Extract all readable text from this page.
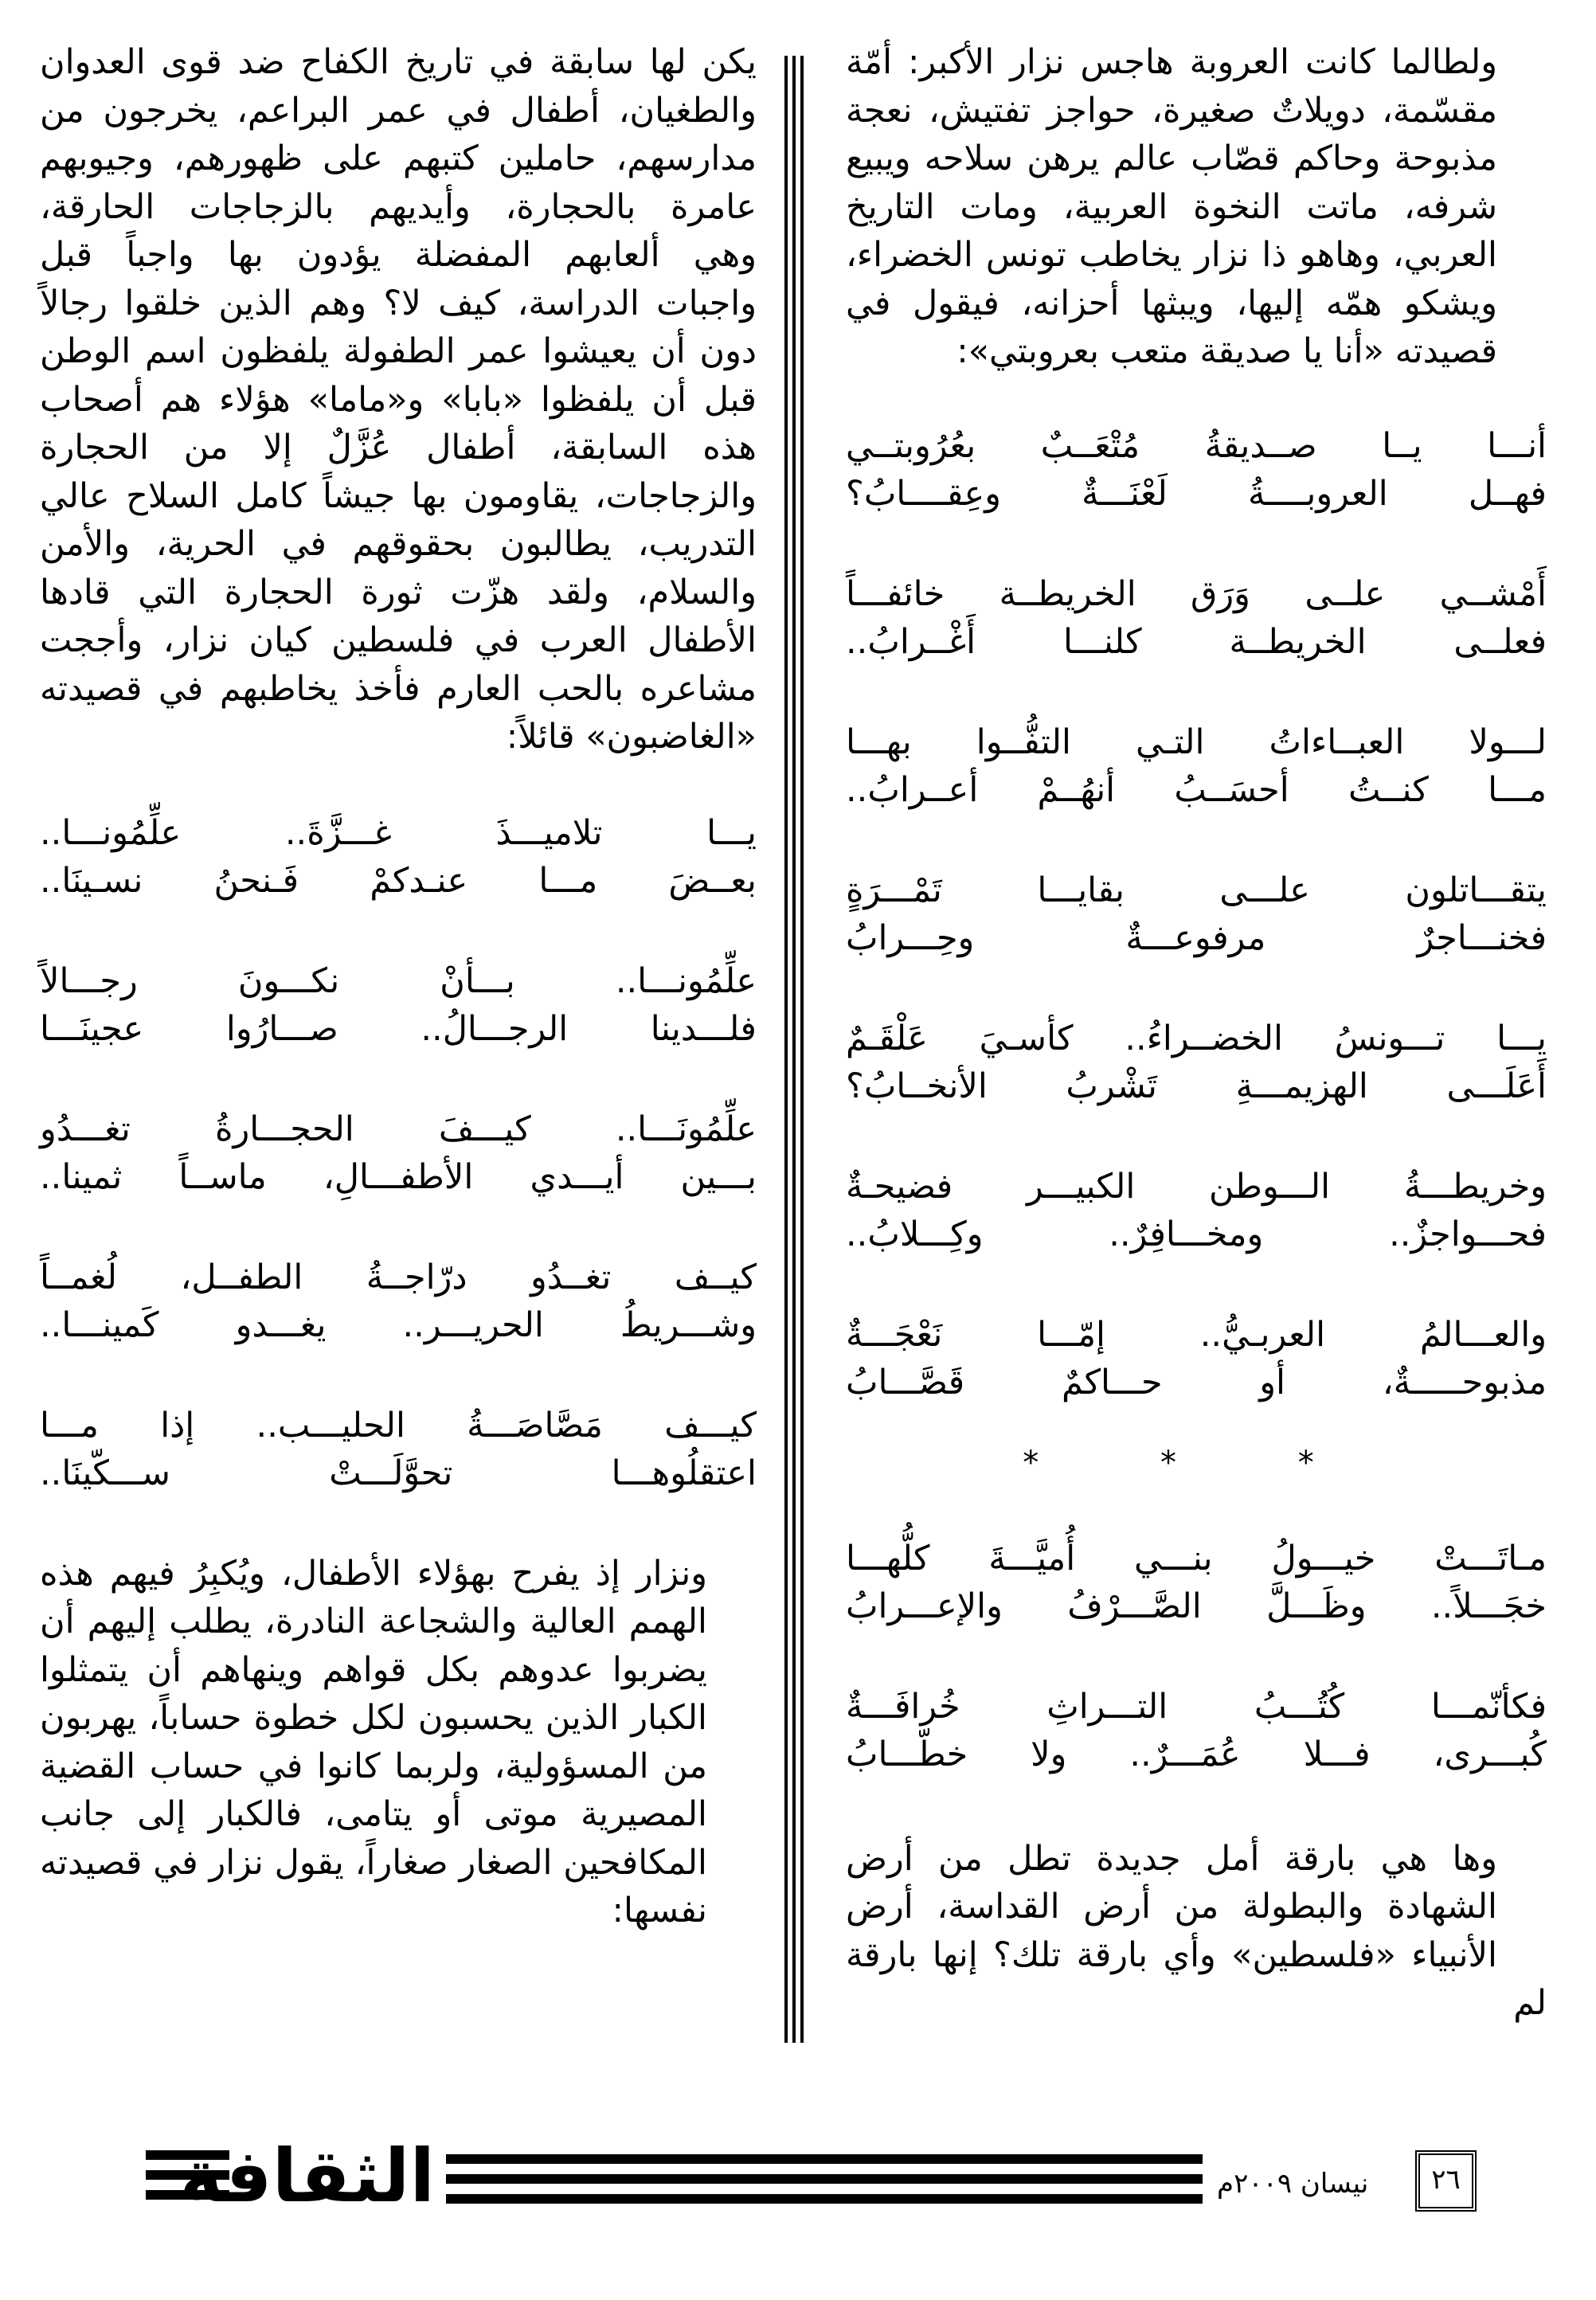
ولطالما كانت العروبة هاجس نزار الأكبر: أمّة
مقسّمة، دويلاتٌ صغيرة، حواجز تفتيش، نعجة
مذبوحة وحاكم قصّاب عالم يرهن سلاحه ويبيع
شرفه، ماتت النخوة العربية، ومات التاريخ
العربي، وهاهو ذا نزار يخاطب تونس الخضراء،
ويشكو همّه إليها، ويبثها أحزانه، فيقول في
قصيدته «أنا يا صديقة متعب بعروبتي»:
أنـــا يــا صــديقةُ مُتْعَــبٌ بعُرُوبتــي
فهــل العروبــــةُ لَعْنَـــةٌ وعِقــــابُ؟
أَمْشــي علــى وَرَق الخريطــة خائفـــاً
فعلــى الخريطــة كلنـــا أَغْــرابُ..
لـــولا العبــاءاتُ التـي التفُّــوا بهـــا
مـــا كنــتُ أحسَــبُ أنهُــمْ أعــرابُ..
يتقـــاتلون علـــى بقايـــا تَمْـــرَةٍ
فخنـــاجرٌ مرفوعـــةٌ وحِـــرابُ
يـــا تـــونسُ الخضــراءُ.. كأسـيَ عَلْقَـمٌ
أَعَلَـــى الهزيمـــةِ تَشْربُ الأنخــابُ؟
وخريطـــةُ الـــوطن الكبيـــر فضيحـةٌ
فحـــواجزٌ.. ومخـــافِرٌ.. وكِـــلابُ..
والعـــالمُ العربـيُّ.. إمّـــا نَعْجَـــةٌ
مذبوحـــــةٌ، أو حـــاكمٌ قَصَّـــابُ
* * *
مـاتَـــتْ خيـــولُ بنـــي أُميَّـــةَ كلُّهـــا
خجَـــلاً.. وظَـــلَّ الصَّـــرْفُ والإعـــرابُ
فكأنّمـــا كُتُـــبُ التـــراثِ خُرافَـــةٌ
كُبـــرى، فـــلا عُمَـــرٌ.. ولا خطّـــابُ
وها هي بارقة أمل جديدة تطل من أرض
الشهادة والبطولة من أرض القداسة، أرض
الأنبياء «فلسطين» وأي بارقة تلك؟ إنها بارقة لم
يكن لها سابقة في تاريخ الكفاح ضد قوى العدوان
والطغيان، أطفال في عمر البراعم، يخرجون من
مدارسهم، حاملين كتبهم على ظهورهم، وجيوبهم
عامرة بالحجارة، وأيديهم بالزجاجات الحارقة،
وهي ألعابهم المفضلة يؤدون بها واجباً قبل
واجبات الدراسة، كيف لا؟ وهم الذين خلقوا رجالاً
دون أن يعيشوا عمر الطفولة يلفظون اسم الوطن
قبل أن يلفظوا «بابا» و«ماما» هؤلاء هم أصحاب
هذه السابقة، أطفال عُزَّلٌ إلا من الحجارة
والزجاجات، يقاومون بها جيشاً كامل السلاح عالي
التدريب، يطالبون بحقوقهم في الحرية، والأمن
والسلام، ولقد هزّت ثورة الحجارة التي قادها
الأطفال العرب في فلسطين كيان نزار، وأججت
مشاعره بالحب العارم فأخذ يخاطبهم في قصيدته
«الغاضبون» قائلاً:
يـــا تلاميـــذَ غـــزَّةَ.. علِّمُونـــا..
بعــضَ مـــا عنـدكمْ فَـنحنُ نسـينَا..
علِّمُونـــا.. بـــأنْ نكـــونَ رجـــالاً
فلـــدينا الرجـــالُ.. صـــارُوا عجينَـــا
علِّمُونَـــا.. كيـــفَ الحجـــارةُ تغـــدُو
بـــين أيـــدي الأطفـــالِ، ماســاً ثمينا..
كيــف تغــدُو درّاجــةُ الطفــل، لُغمــاً
وشـــريطُ الحريـــر.. يغـــدو كَمينـــا..
كيـــف مَصَّاصَـــةُ الحليـــب.. إذا مـــا
اعتقلُوهـــا تحوَّلَـــتْ ســـكّينَا..
ونزار إذ يفرح بهؤلاء الأطفال، ويُكبِرُ فيهم هذه
الهمم العالية والشجاعة النادرة، يطلب إليهم أن
يضربوا عدوهم بكل قواهم وينهاهم أن يتمثلوا
الكبار الذين يحسبون لكل خطوة حساباً، يهربون
من المسؤولية، ولربما كانوا في حساب القضية
المصيرية موتى أو يتامى، فالكبار إلى جانب
المكافحين الصغار صغاراً، يقول نزار في قصيدته
نفسها:
الثقافة	نيسان ٢٠٠٩م	٢٦
